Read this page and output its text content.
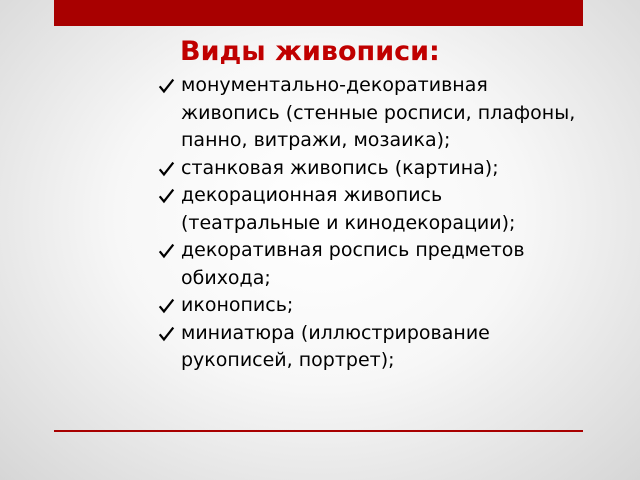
Виды живописи:
монументально-декоративная живопись (стенные росписи, плафоны, панно, витражи, мозаика);
станковая живопись (картина);
декорационная живопись (театральные и кинодекорации);
декоративная роспись предметов обихода;
иконопись;
миниатюра (иллюстрирование рукописей, портрет);
